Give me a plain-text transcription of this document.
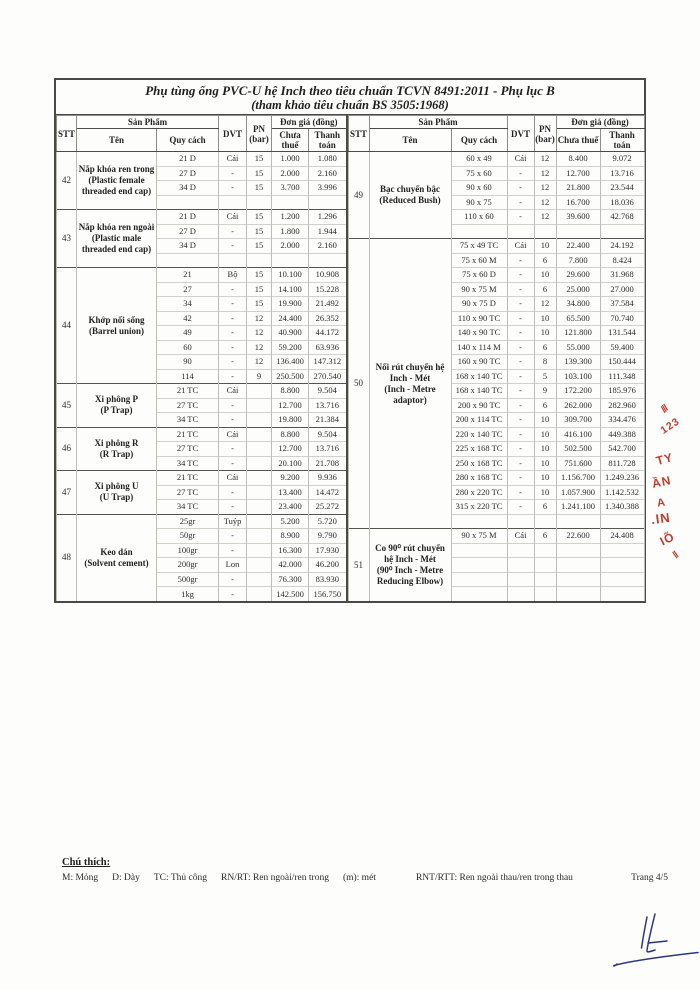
Phụ tùng ống PVC-U hệ Inch theo tiêu chuẩn TCVN 8491:2011 - Phụ lục B
(tham khảo tiêu chuẩn BS 3505:1968)
STT	Sản Phẩm		DVT	PN
(bar)	Đơn giá (đồng)	
	Tên	Quy cách			Chưa thuế	Thanh toán
42	Nắp khóa ren trong
(Plastic female
threaded end cap)	21 D	Cái	15	1.000	1.080
		27 D	-	15	2.000	2.160
		34 D	-	15	3.700	3.996

43	Nắp khóa ren ngoài
(Plastic male
threaded end cap)	21 D	Cái	15	1.200	1.296
		27 D	-	15	1.800	1.944
		34 D	-	15	2.000	2.160

44	Khớp nối sống
(Barrel union)	21	Bộ	15	10.100	10.908
		27	-	15	14.100	15.228
		34	-	15	19.900	21.492
		42	-	12	24.400	26.352
		49	-	12	40.900	44.172
		60	-	12	59.200	63.936
		90	-	12	136.400	147.312
		114	-	9	250.500	270.540
45	Xi phông P
(P Trap)	21 TC	Cái		8.800	9.504
		27 TC	-		12.700	13.716
		34 TC	-		19.800	21.384
46	Xi phông R
(R Trap)	21 TC	Cái		8.800	9.504
		27 TC	-		12.700	13.716
		34 TC	-		20.100	21.708
47	Xi phông U
(U Trap)	21 TC	Cái		9.200	9.936
		27 TC	-		13.400	14.472
		34 TC	-		23.400	25.272
48	Keo dán
(Solvent cement)	25gr	Tuýp		5.200	5.720
		50gr	-		8.900	9.790
		100gr	-		16.300	17.930
		200gr	Lon		42.000	46.200
		500gr	-		76.300	83.930
		1kg	-		142.500	156.750
STT	Sản Phẩm		DVT	PN
(bar)	Đơn giá (đồng)	
	Tên	Quy cách			Chưa thuế	Thanh toán
49	Bạc chuyển bậc
(Reduced Bush)	60 x 49	Cái	12	8.400	9.072
		75 x 60	-	12	12.700	13.716
		90 x 60	-	12	21.800	23.544
		90 x 75	-	12	16.700	18.036
		110 x 60	-	12	39.600	42.768

50	Nối rút chuyển hệ
Inch - Mét
(Inch - Metre
adaptor)	75 x 49 TC	Cái	10	22.400	24.192
		75 x 60 M	-	6	7.800	8.424
		75 x 60 D	-	10	29.600	31.968
		90 x 75 M	-	6	25.000	27.000
		90 x 75 D	-	12	34.800	37.584
		110 x 90 TC	-	10	65.500	70.740
		140 x 90 TC	-	10	121.800	131.544
		140 x 114 M	-	6	55.000	59.400
		160 x 90 TC	-	8	139.300	150.444
		168 x 140 TC	-	5	103.100	111.348
		168 x 140 TC	-	9	172.200	185.976
		200 x 90 TC	-	6	262.000	282.960
		200 x 114 TC	-	10	309.700	334.476
		220 x 140 TC	-	10	416.100	449.388
		225 x 168 TC	-	10	502.500	542.700
		250 x 168 TC	-	10	751.600	811.728
		280 x 168 TC	-	10	1.156.700	1.249.236
		280 x 220 TC	-	10	1.057.900	1.142.532
		315 x 220 TC	-	6	1.241.100	1.340.388

51	Co 90⁰ rút chuyển
hệ Inch - Mét
(90⁰ Inch - Metre
Reducing Elbow)	90 x 75 M	Cái	6	22.600	24.408

Chú thích:
M: Mỏng D: Dày TC: Thủ công RN/RT: Ren ngoài/ren trong (m): mét	RNT/RTT: Ren ngoài thau/ren trong thau	Trang 4/5
///
123
TY
ẦN
A
.IN
IÕ
//
